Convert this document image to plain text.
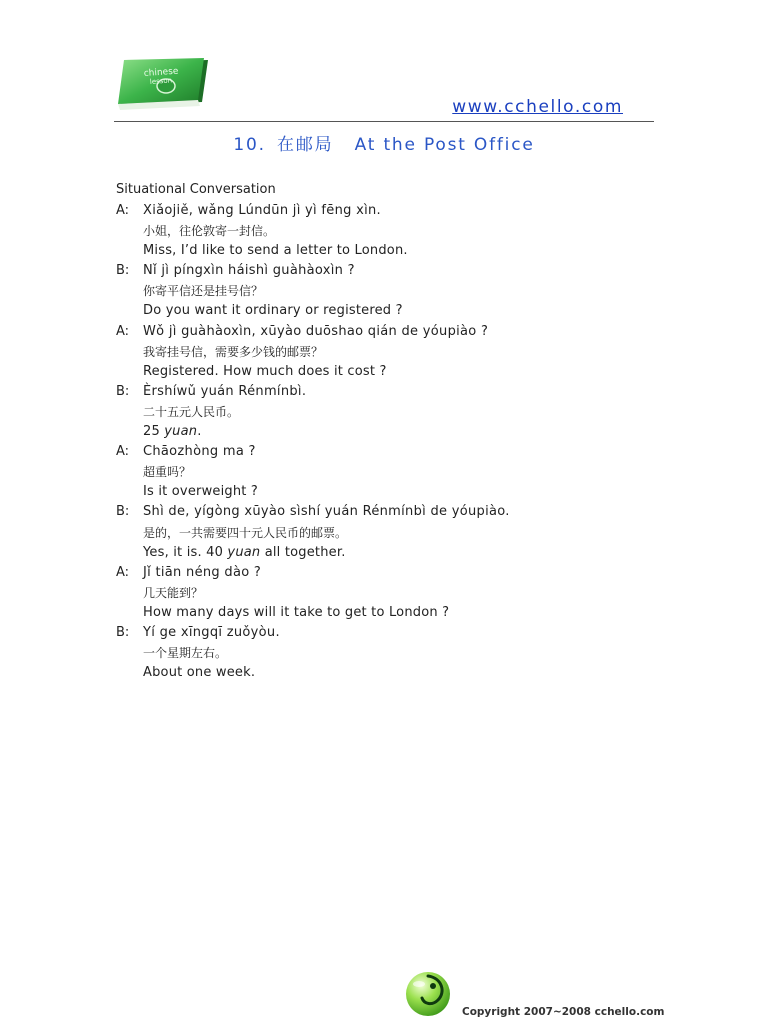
chinese
lesson
www.cchello.com
10. 在邮局 At the Post Office
Situational Conversation
A: Xiǎojiě, wǎng Lúndūn jì yì fēng xìn.
小姐，往伦敦寄一封信。
Miss, I’d like to send a letter to London.
B: Nǐ jì píngxìn háishì guàhàoxìn ?
你寄平信还是挂号信？
Do you want it ordinary or registered ?
A: Wǒ jì guàhàoxìn, xūyào duōshao qián de yóupiào ?
我寄挂号信，需要多少钱的邮票？
Registered. How much does it cost ?
B: Èrshíwǔ yuán Rénmínbì.
二十五元人民币。
25 yuan.
A: Chāozhòng ma ?
超重吗？
Is it overweight ?
B: Shì de, yígòng xūyào sìshí yuán Rénmínbì de yóupiào.
是的，一共需要四十元人民币的邮票。
Yes, it is. 40 yuan all together.
A: Jǐ tiān néng dào ?
几天能到？
How many days will it take to get to London ?
B: Yí ge xīngqī zuǒyòu.
一个星期左右。
About one week.
Copyright 2007~2008 cchello.com
